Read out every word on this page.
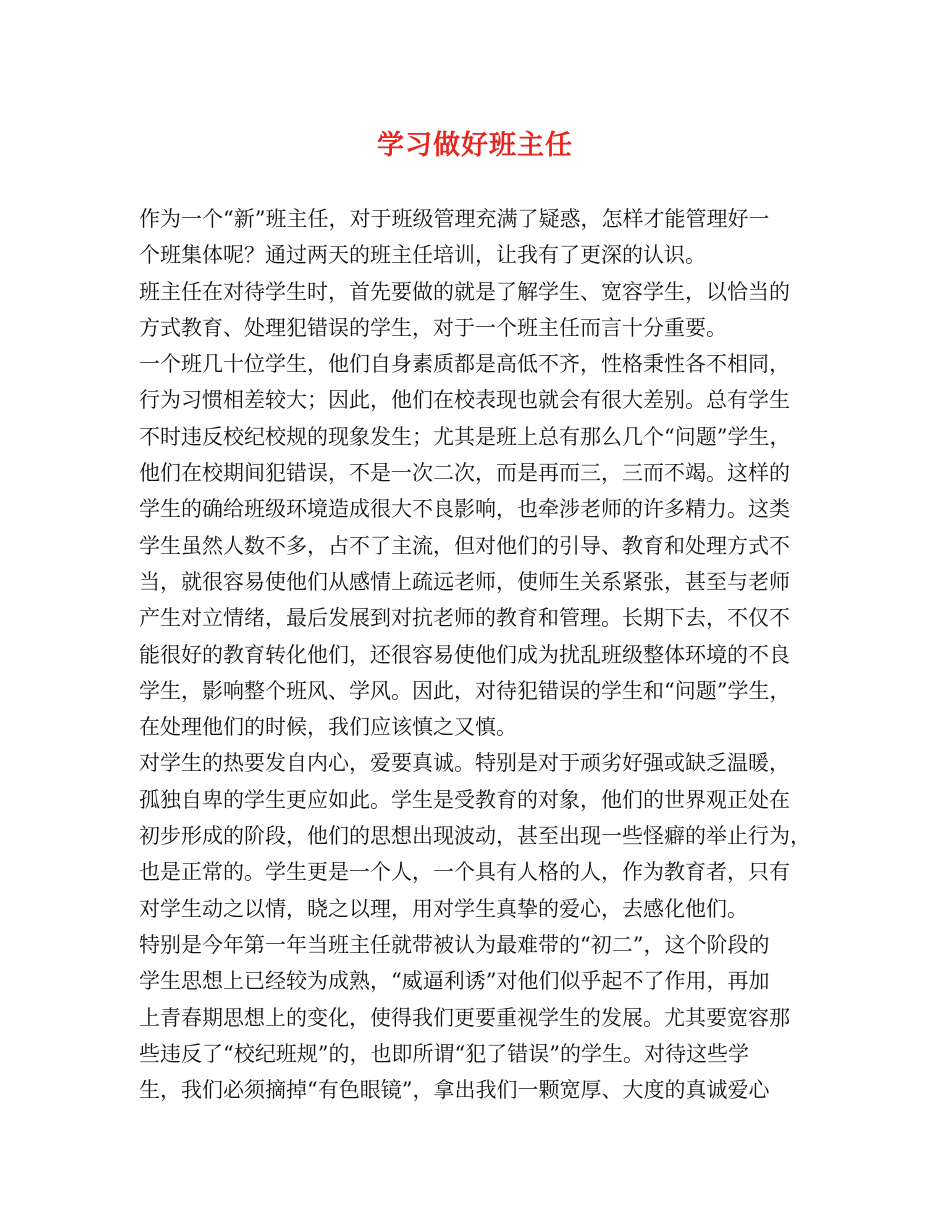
学习做好班主任
作为一个“新”班主任，对于班级管理充满了疑惑，怎样才能管理好一
个班集体呢？通过两天的班主任培训，让我有了更深的认识。
班主任在对待学生时，首先要做的就是了解学生、宽容学生，以恰当的
方式教育、处理犯错误的学生，对于一个班主任而言十分重要。
一个班几十位学生，他们自身素质都是高低不齐，性格秉性各不相同，
行为习惯相差较大；因此，他们在校表现也就会有很大差别。总有学生
不时违反校纪校规的现象发生；尤其是班上总有那么几个“问题”学生，
他们在校期间犯错误，不是一次二次，而是再而三，三而不竭。这样的
学生的确给班级环境造成很大不良影响，也牵涉老师的许多精力。这类
学生虽然人数不多，占不了主流，但对他们的引导、教育和处理方式不
当，就很容易使他们从感情上疏远老师，使师生关系紧张，甚至与老师
产生对立情绪，最后发展到对抗老师的教育和管理。长期下去，不仅不
能很好的教育转化他们，还很容易使他们成为扰乱班级整体环境的不良
学生，影响整个班风、学风。因此，对待犯错误的学生和“问题”学生，
在处理他们的时候，我们应该慎之又慎。
对学生的热要发自内心，爱要真诚。特别是对于顽劣好强或缺乏温暖，
孤独自卑的学生更应如此。学生是受教育的对象，他们的世界观正处在
初步形成的阶段，他们的思想出现波动，甚至出现一些怪癖的举止行为，
也是正常的。学生更是一个人，一个具有人格的人，作为教育者，只有
对学生动之以情，晓之以理，用对学生真挚的爱心，去感化他们。
特别是今年第一年当班主任就带被认为最难带的“初二”，这个阶段的
学生思想上已经较为成熟，“威逼利诱”对他们似乎起不了作用，再加
上青春期思想上的变化，使得我们更要重视学生的发展。尤其要宽容那
些违反了“校纪班规”的，也即所谓“犯了错误”的学生。对待这些学
生，我们必须摘掉“有色眼镜”，拿出我们一颗宽厚、大度的真诚爱心
